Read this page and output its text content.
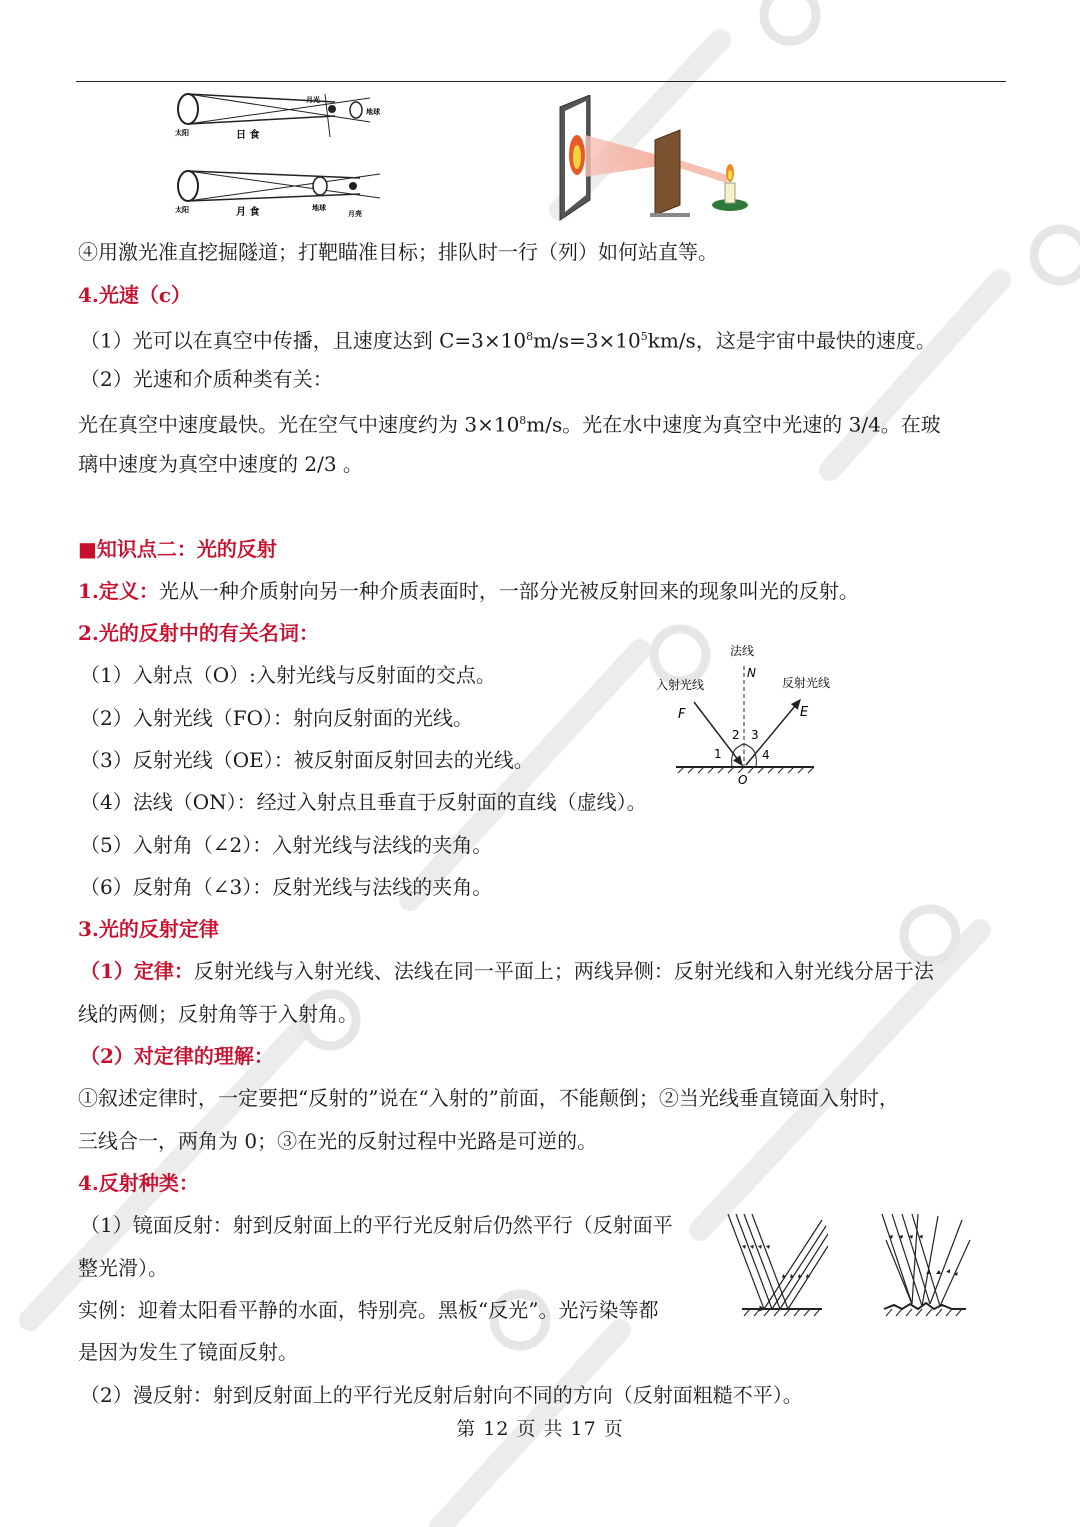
太阳
月光
地球
日 食
太阳	地球
月亮
月 食
④用激光准直挖掘隧道；打靶瞄准目标；排队时一行（列）如何站直等。
4.光速（c）
（1）光可以在真空中传播，且速度达到 $C=3\times 10^8m/s=3\times 10^5km/s$，这是宇宙中最快的速度。
（2）光速和介质种类有关：
光在真空中速度最快。光在空气中速度约为 $3\times 10^8m/s$。光在水中速度为真空中光速的 3/4。在玻
璃中速度为真空中速度的 2/3 。
■知识点二：光的反射
1.定义：光从一种介质射向另一种介质表面时，一部分光被反射回来的现象叫光的反射。
2.光的反射中的有关名词：
（1）入射点（O）:入射光线与反射面的交点。
（2）入射光线（FO）：射向反射面的光线。
（3）反射光线（OE）：被反射面反射回去的光线。
（4）法线（ON）：经过入射点且垂直于反射面的直线（虚线）。
（5）入射角（∠2）：入射光线与法线的夹角。
（6）反射角（∠3）：反射光线与法线的夹角。
法线
N
入射光线	反射光线
F	E
O
1
2 3
4
3.光的反射定律
（1）定律：反射光线与入射光线、法线在同一平面上；两线异侧：反射光线和入射光线分居于法
线的两侧；反射角等于入射角。
（2）对定律的理解：
①叙述定律时，一定要把“反射的”说在“入射的”前面，不能颠倒；②当光线垂直镜面入射时，
三线合一，两角为 0；③在光的反射过程中光路是可逆的。
4.反射种类：
（1）镜面反射：射到反射面上的平行光反射后仍然平行（反射面平
整光滑）。
实例：迎着太阳看平静的水面，特别亮。黑板“反光”。光污染等都
是因为发生了镜面反射。
（2）漫反射：射到反射面上的平行光反射后射向不同的方向（反射面粗糙不平）。
第 12 页 共 17 页
